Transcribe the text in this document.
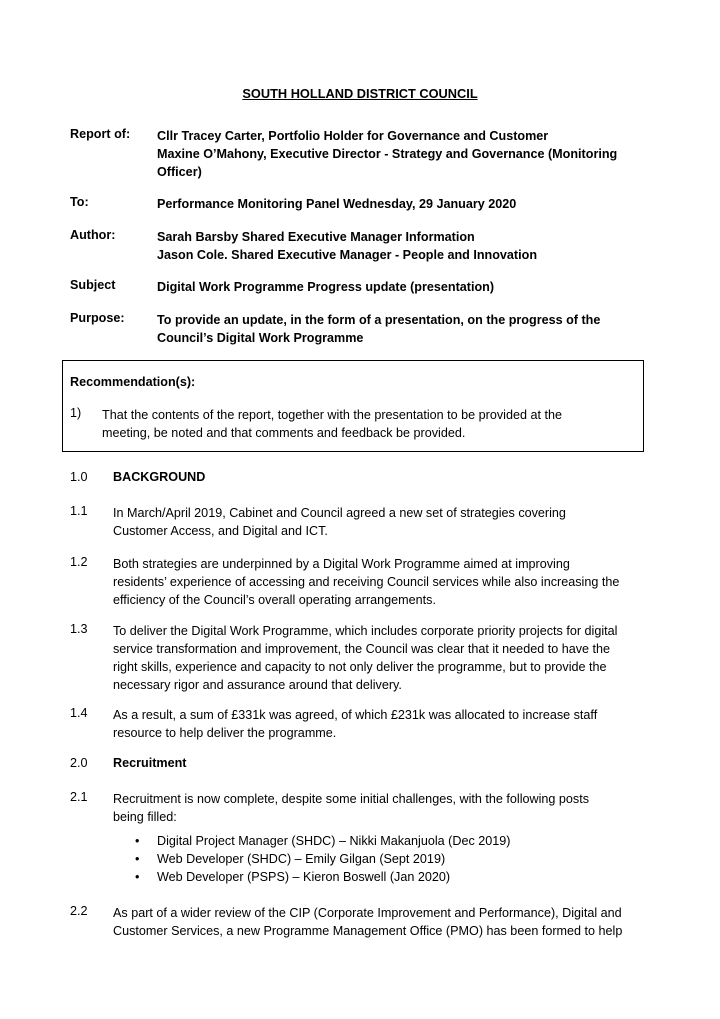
SOUTH HOLLAND DISTRICT COUNCIL
Report of: Cllr Tracey Carter, Portfolio Holder for Governance and Customer
Maxine O’Mahony, Executive Director - Strategy and Governance (Monitoring
Officer)
To:	Performance Monitoring Panel Wednesday, 29 January 2020
Author:	Sarah Barsby Shared Executive Manager Information
Jason Cole. Shared Executive Manager - People and Innovation
Subject	Digital Work Programme Progress update (presentation)
Purpose:	To provide an update, in the form of a presentation, on the progress of the
Council’s Digital Work Programme
Recommendation(s):
1) That the contents of the report, together with the presentation to be provided at the
meeting, be noted and that comments and feedback be provided.
1.0 BACKGROUND
1.1 In March/April 2019, Cabinet and Council agreed a new set of strategies covering
Customer Access, and Digital and ICT.
1.2 Both strategies are underpinned by a Digital Work Programme aimed at improving
residents’ experience of accessing and receiving Council services while also increasing the
efficiency of the Council’s overall operating arrangements.
1.3 To deliver the Digital Work Programme, which includes corporate priority projects for digital
service transformation and improvement, the Council was clear that it needed to have the
right skills, experience and capacity to not only deliver the programme, but to provide the
necessary rigor and assurance around that delivery.
1.4 As a result, a sum of £331k was agreed, of which £231k was allocated to increase staff
resource to help deliver the programme.
2.0 Recruitment
2.1 Recruitment is now complete, despite some initial challenges, with the following posts
being filled:
• Digital Project Manager (SHDC) – Nikki Makanjuola (Dec 2019)
• Web Developer (SHDC) – Emily Gilgan (Sept 2019)
• Web Developer (PSPS) – Kieron Boswell (Jan 2020)
2.2 As part of a wider review of the CIP (Corporate Improvement and Performance), Digital and
Customer Services, a new Programme Management Office (PMO) has been formed to help
